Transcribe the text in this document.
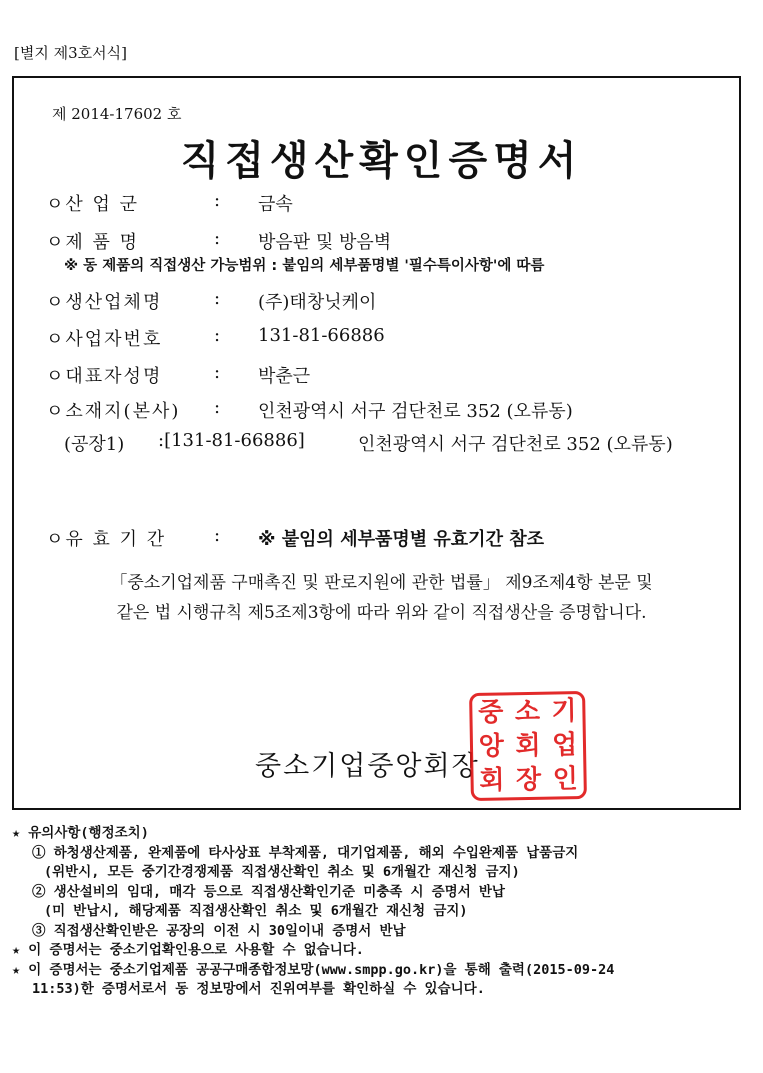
[별지 제3호서식]
제 2014-17602 호
직접생산확인증명서
ㅇ산 업 군	: 금속
ㅇ제 품 명	: 방음판 및 방음벽
※ 동 제품의 직접생산 가능범위 : 붙임의 세부품명별 '필수특이사항'에 따름
ㅇ생산업체명	: (주)태창닛케이
ㅇ사업자번호	: 131-81-66886
ㅇ대표자성명	: 박춘근
ㅇ소재지(본사) : 인천광역시 서구 검단천로 352 (오류동)
(공장1) :[131-81-66886]	인천광역시 서구 검단천로 352 (오류동)
ㅇ유 효 기 간	: ※ 붙임의 세부품명별 유효기간 참조
「중소기업제품 구매촉진 및 판로지원에 관한 법률」 제9조제4항 본문 및
같은 법 시행규칙 제5조제3항에 따라 위와 같이 직접생산을 증명합니다.
중소기업중앙회장
중 소 기
앙 회 업
회 장 인
★ 유의사항(행정조치)
① 하청생산제품, 완제품에 타사상표 부착제품, 대기업제품, 해외 수입완제품 납품금지
(위반시, 모든 중기간경쟁제품 직접생산확인 취소 및 6개월간 재신청 금지)
② 생산설비의 임대, 매각 등으로 직접생산확인기준 미충족 시 증명서 반납
(미 반납시, 해당제품 직접생산확인 취소 및 6개월간 재신청 금지)
③ 직접생산확인받은 공장의 이전 시 30일이내 증명서 반납
★ 이 증명서는 중소기업확인용으로 사용할 수 없습니다.
★ 이 증명서는 중소기업제품 공공구매종합정보망(www.smpp.go.kr)을 통해 출력(2015-09-24
11:53)한 증명서로서 동 정보망에서 진위여부를 확인하실 수 있습니다.
